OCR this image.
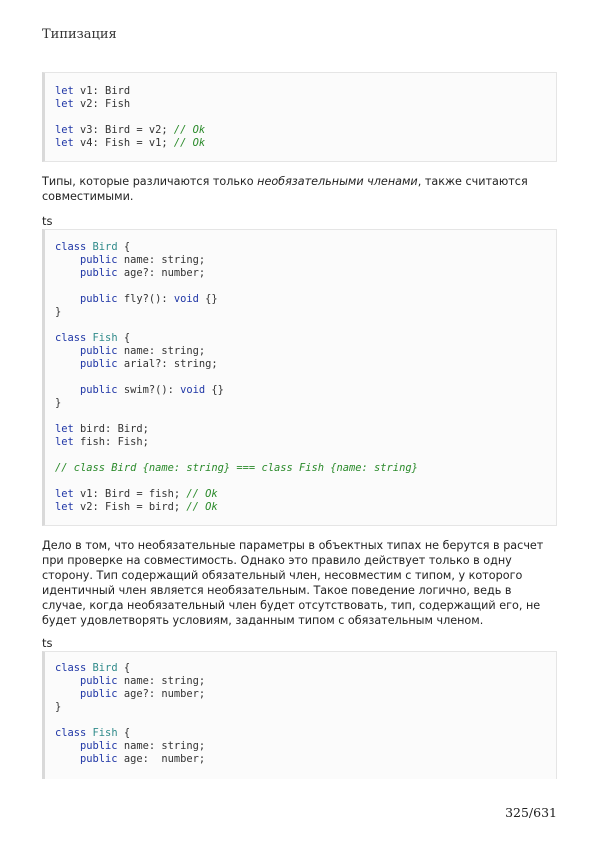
Типизация
let v1: Bird
let v2: Fish
let v3: Bird = v2; // Ok
let v4: Fish = v1; // Ok

Типы, которые различаются только необязательными членами, также считаются совместимыми.

ts
class Bird {
public name: string;
public age?: number;
public fly?(): void {}
}
class Fish {
public name: string;
public arial?: string;
public swim?(): void {}
}
let bird: Bird;
let fish: Fish;
// class Bird {name: string} === class Fish {name: string}
let v1: Bird = fish; // Ok
let v2: Fish = bird; // Ok

Дело в том, что необязательные параметры в объектных типах не берутся в расчет при проверке на совместимость. Однако это правило действует только в одну сторону. Тип содержащий обязательный член, несовместим с типом, у которого идентичный член является необязательным. Такое поведение логично, ведь в случае, когда необязательный член будет отсутствовать, тип, содержащий его, не будет удовлетворять условиям, заданным типом с обязательным членом.

ts
class Bird {
public name: string;
public age?: number;
}
class Fish {
public name: string;
public age:  number;
325/631
